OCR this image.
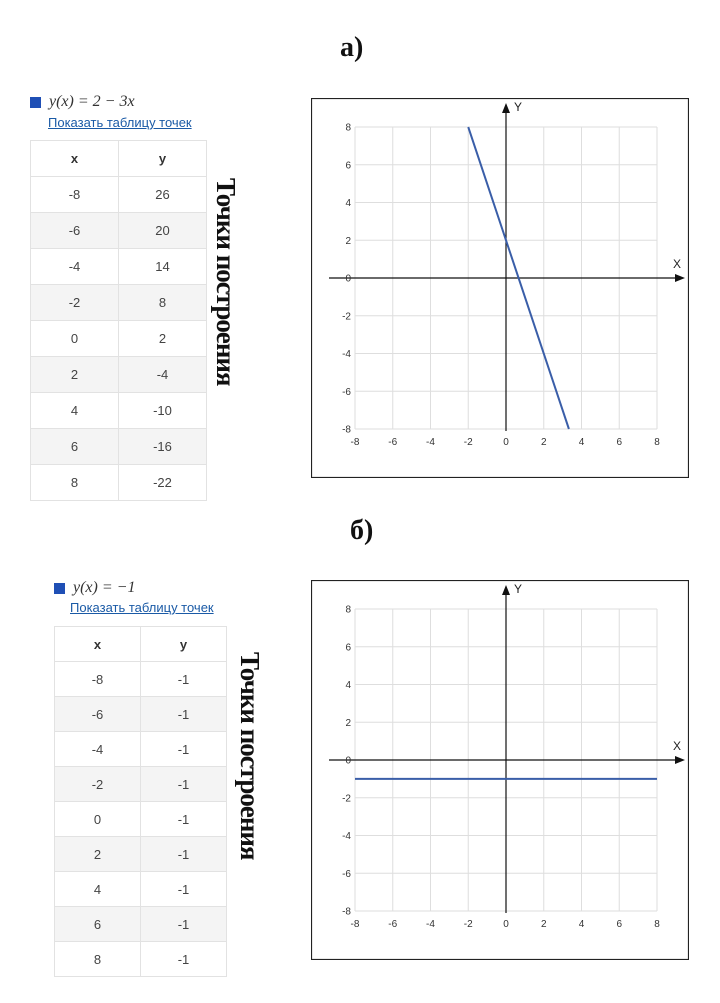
а)
y(x) = 2 − 3x
Показать таблицу точек
x	y
-8	26
-6	20
-4	14
-2	8
0	2
2	-4
4	-10
6	-16
8	-22
Точки построения	X
Y
-8	-6	-4	-2	0	2	4	6	8
8
6
4
2
0
-2
-4
-6
-8
б)
y(x) = −1
Показать таблицу точек
x	y
-8	-1
-6	-1
-4	-1
-2	-1
0	-1
2	-1
4	-1
6	-1
8	-1
Точки построения	X
Y
-8	-6	-4	-2	0	2	4	6	8
8
6
4
2
0
-2
-4
-6
-8
